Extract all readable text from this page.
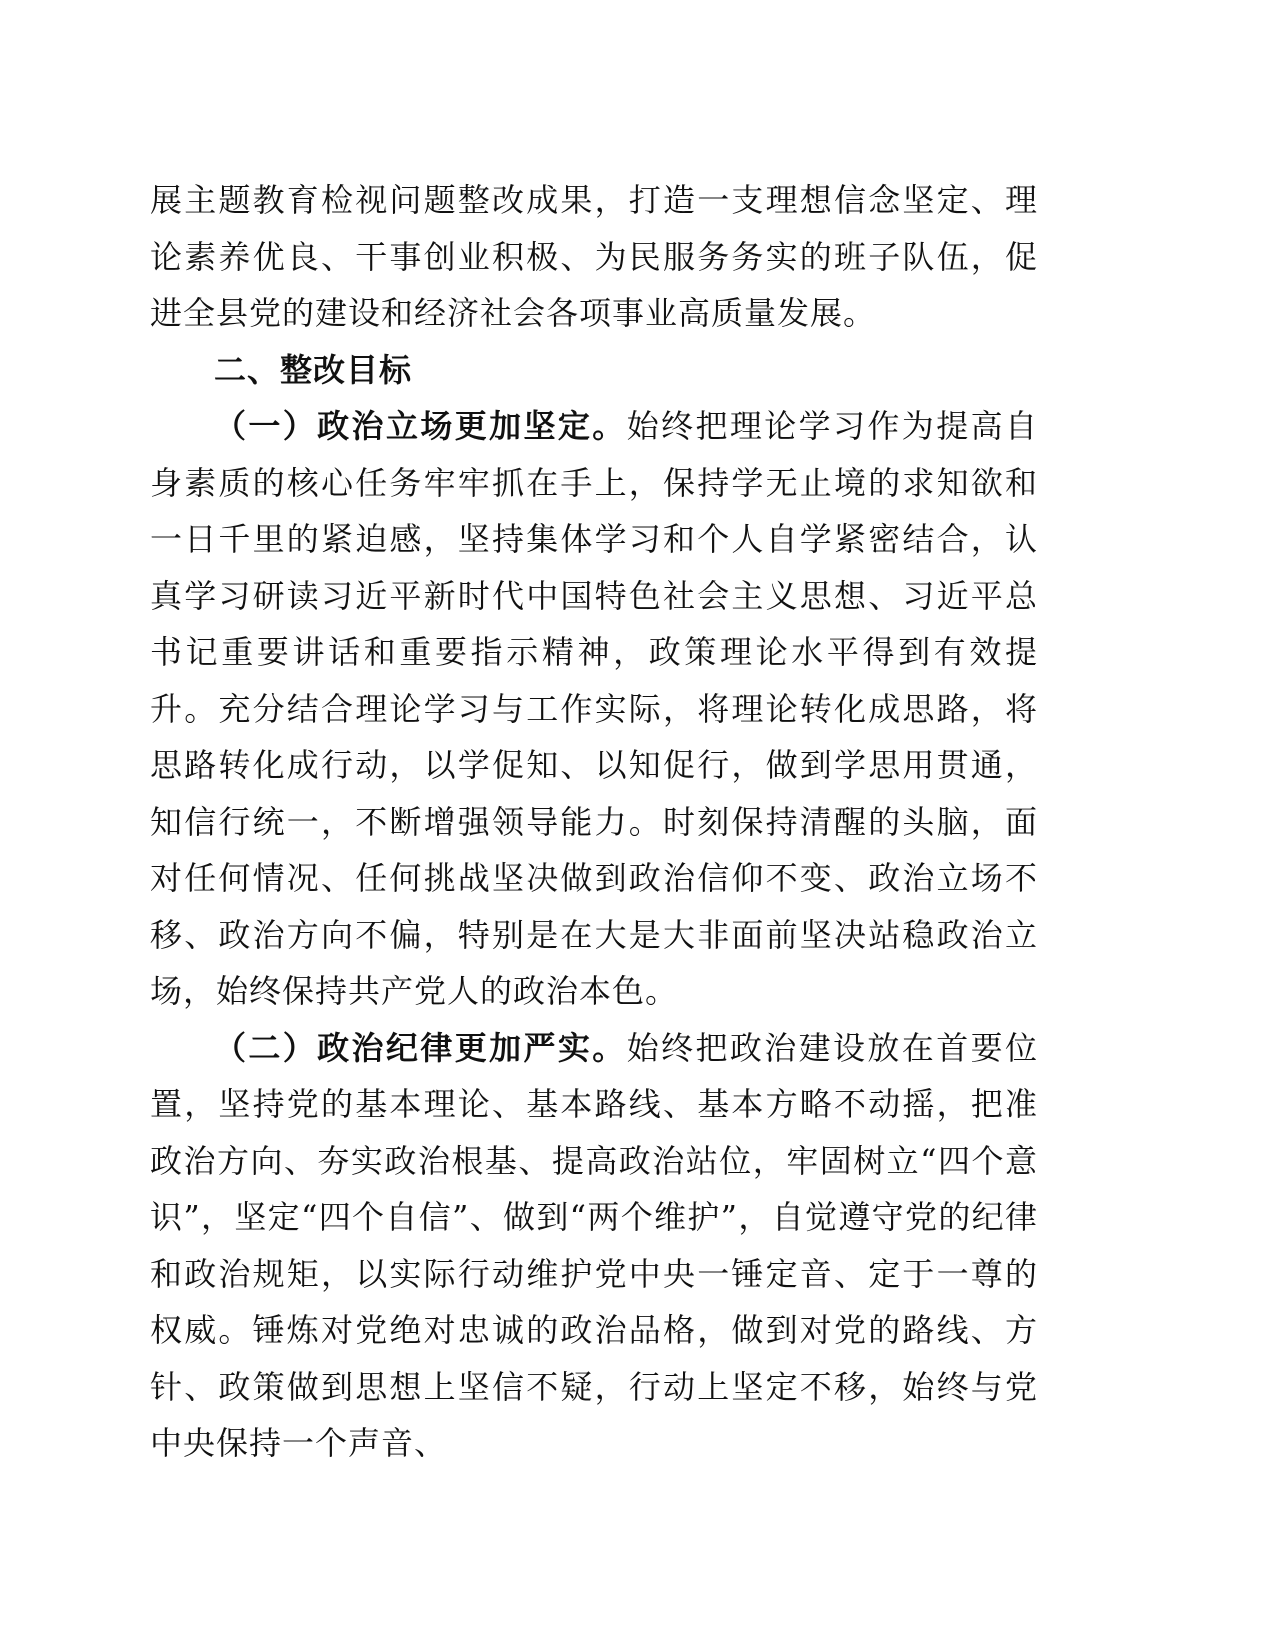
展主题教育检视问题整改成果，打造一支理想信念坚定、理论素养优良、干事创业积极、为民服务务实的班子队伍，促进全县党的建设和经济社会各项事业高质量发展。

二、整改目标

（一）政治立场更加坚定。始终把理论学习作为提高自身素质的核心任务牢牢抓在手上，保持学无止境的求知欲和一日千里的紧迫感，坚持集体学习和个人自学紧密结合，认真学习研读习近平新时代中国特色社会主义思想、习近平总书记重要讲话和重要指示精神，政策理论水平得到有效提升。充分结合理论学习与工作实际，将理论转化成思路，将思路转化成行动，以学促知、以知促行，做到学思用贯通，知信行统一，不断增强领导能力。时刻保持清醒的头脑，面对任何情况、任何挑战坚决做到政治信仰不变、政治立场不移、政治方向不偏，特别是在大是大非面前坚决站稳政治立场，始终保持共产党人的政治本色。

（二）政治纪律更加严实。始终把政治建设放在首要位置，坚持党的基本理论、基本路线、基本方略不动摇，把准政治方向、夯实政治根基、提高政治站位，牢固树立“四个意识”，坚定“四个自信”、做到“两个维护”，自觉遵守党的纪律和政治规矩，以实际行动维护党中央一锤定音、定于一尊的权威。锤炼对党绝对忠诚的政治品格，做到对党的路线、方针、政策做到思想上坚信不疑，行动上坚定不移，始终与党中央保持一个声音、
